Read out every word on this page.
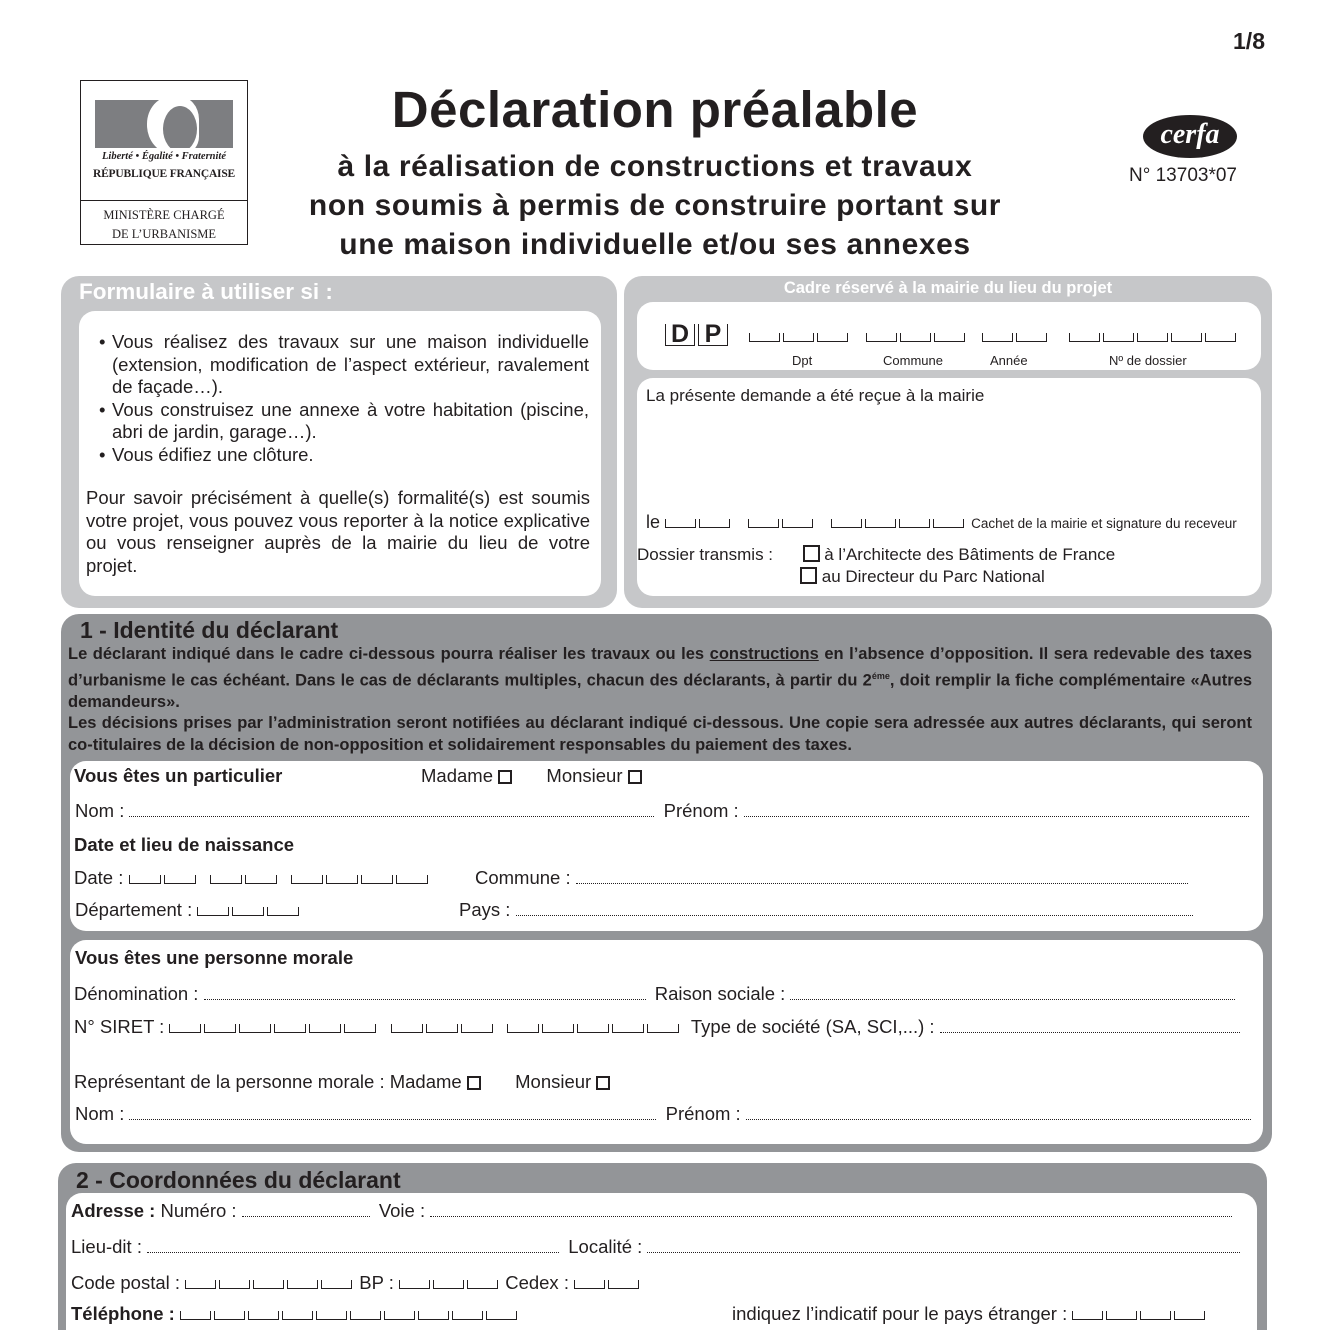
1/8
Liberté • Égalité • Fraternité
RÉPUBLIQUE FRANÇAISE
MINISTÈRE CHARGÉ
DE L’URBANISME
Déclaration préalable
à la réalisation de constructions et travaux
non soumis à permis de construire portant sur
une maison individuelle et/ou ses annexes
cerfa
N° 13703*07
Formulaire à utiliser si :
• Vous réalisez des travaux sur une maison individuelle (extension, modification de l’aspect extérieur, ravalement de façade…).
• Vous construisez une annexe à votre habitation (piscine, abri de jardin, garage…).
• Vous édifiez une clôture.
Pour savoir précisément à quelle(s) formalité(s) est soumis votre projet, vous pouvez vous reporter à la notice explicative ou vous renseigner auprès de la mairie du lieu de votre projet.
Cadre réservé à la mairie du lieu du projet
D P

Dpt	Commune	Année	Nº de dossier
La présente demande a été reçue à la mairie
le

	Cachet de la mairie et signature du receveur
Dossier transmis :	à l’Architecte des Bâtiments de France
au Directeur du Parc National
1 - Identité du déclarant
Le déclarant indiqué dans le cadre ci-dessous pourra réaliser les travaux ou les constructions en l’absence d’opposition. Il sera redevable des taxes d’urbanisme le cas échéant. Dans le cas de déclarants multiples, chacun des déclarants, à partir du $2^{éme}$, doit remplir la fiche complémentaire «Autres demandeurs».
Les décisions prises par l’administration seront notifiées au déclarant indiqué ci-dessous. Une copie sera adressée aux autres déclarants, qui seront co-titulaires de la décision de non-opposition et solidairement responsables du paiement des taxes.
Vous êtes un particulier	Madame	Monsieur
Nom :	Prénom :
Date et lieu de naissance
Date :

	Commune :
Département :	Pays :
Vous êtes une personne morale
Dénomination :	Raison sociale :
N° SIRET :

	Type de société (SA, SCI,...) :
Représentant de la personne morale : Madame	Monsieur
Nom :	Prénom :
2 - Coordonnées du déclarant
Adresse : Numéro :	Voie :
Lieu-dit :	Localité :
Code postal :	BP :	Cedex :
Téléphone :	indiquez l’indicatif pour le pays étranger :
